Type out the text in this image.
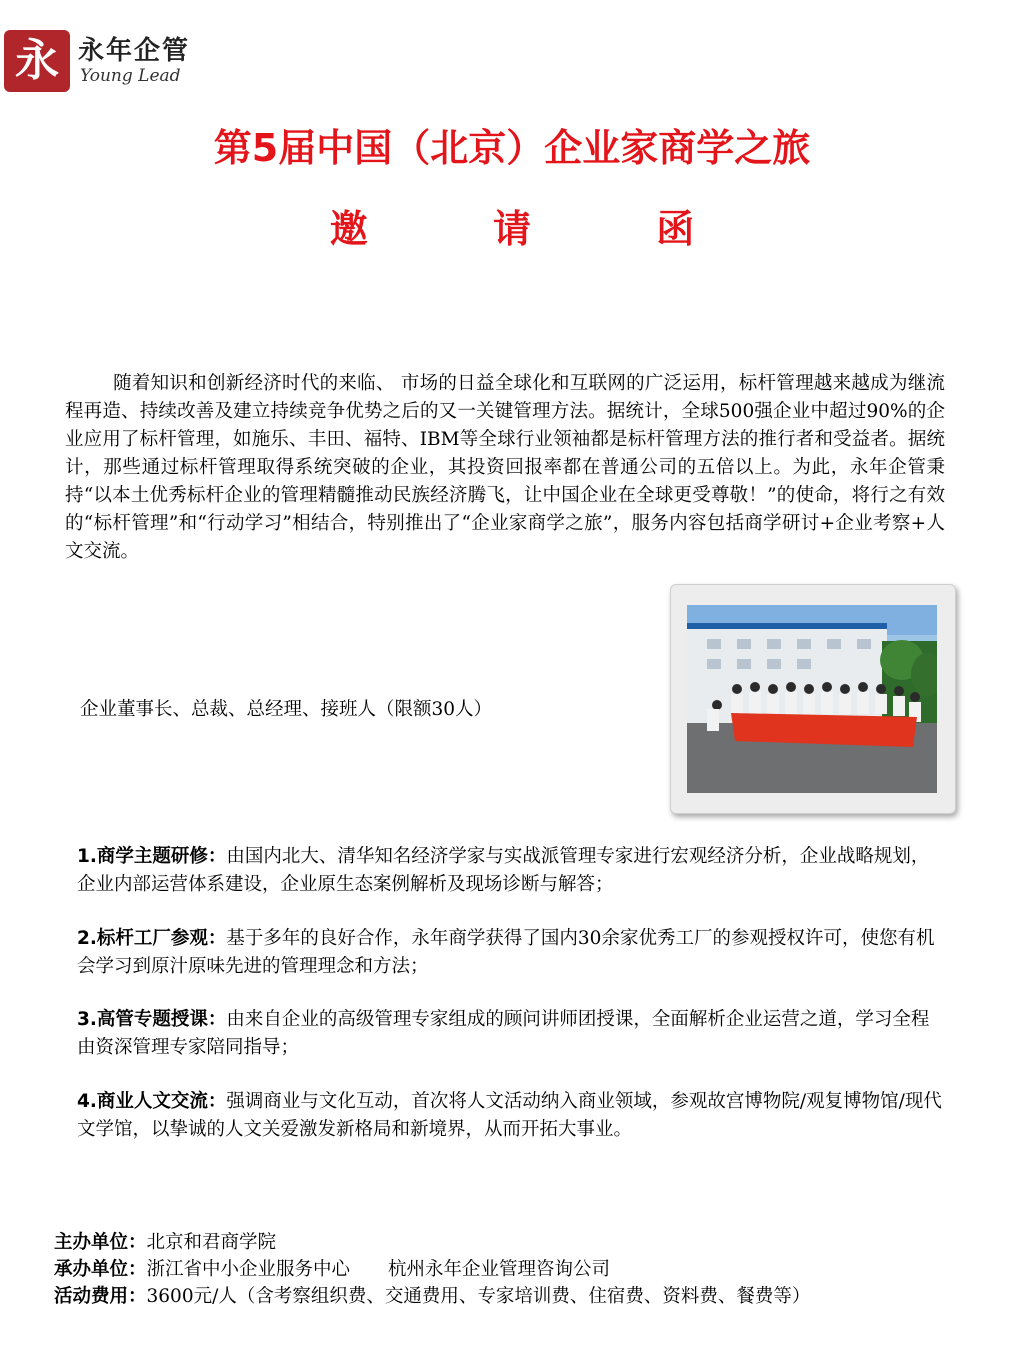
永 永年企管
Young Lead
第5届中国（北京）企业家商学之旅
邀 请 函
随着知识和创新经济时代的来临、 市场的日益全球化和互联网的广泛运用，标杆管理越来越成为继流程再造、持续改善及建立持续竞争优势之后的又一关键管理方法。据统计，全球500强企业中超过90%的企业应用了标杆管理，如施乐、丰田、福特、IBM等全球行业领袖都是标杆管理方法的推行者和受益者。据统计，那些通过标杆管理取得系统突破的企业，其投资回报率都在普通公司的五倍以上。为此，永年企管秉持“以本土优秀标杆企业的管理精髓推动民族经济腾飞，让中国企业在全球更受尊敬！”的使命，将行之有效的“标杆管理”和“行动学习”相结合，特别推出了“企业家商学之旅”，服务内容包括商学研讨+企业考察+人文交流。
企业董事长、总裁、总经理、接班人（限额30人）
1.商学主题研修：由国内北大、清华知名经济学家与实战派管理专家进行宏观经济分析，企业战略规划，企业内部运营体系建设，企业原生态案例解析及现场诊断与解答；
2.标杆工厂参观：基于多年的良好合作，永年商学获得了国内30余家优秀工厂的参观授权许可，使您有机会学习到原汁原味先进的管理理念和方法；
3.高管专题授课：由来自企业的高级管理专家组成的顾问讲师团授课，全面解析企业运营之道，学习全程由资深管理专家陪同指导；
4.商业人文交流：强调商业与文化互动，首次将人文活动纳入商业领域，参观故宫博物院/观复博物馆/现代文学馆，以挚诚的人文关爱激发新格局和新境界，从而开拓大事业。
主办单位：北京和君商学院
承办单位：浙江省中小企业服务中心 杭州永年企业管理咨询公司
活动费用：3600元/人（含考察组织费、交通费用、专家培训费、住宿费、资料费、餐费等）
